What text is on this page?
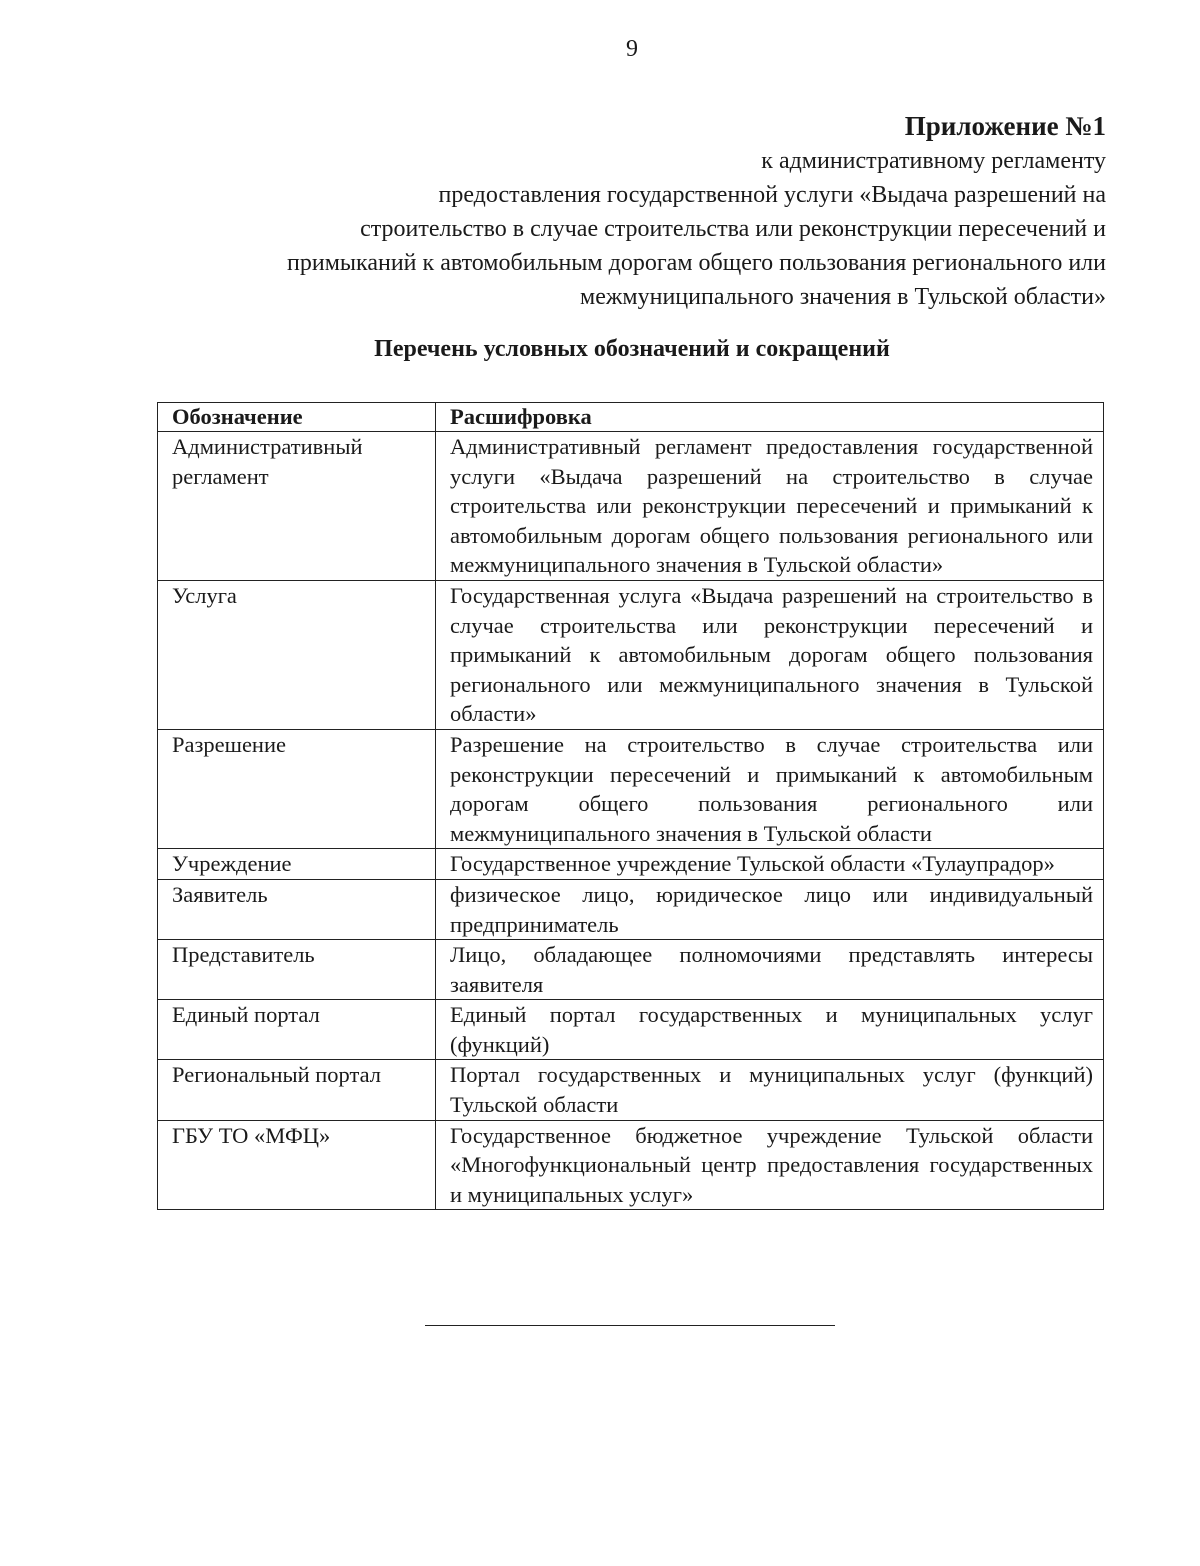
9
Приложение №1
к административному регламенту
предоставления государственной услуги «Выдача разрешений на
строительство в случае строительства или реконструкции пересечений и
примыканий к автомобильным дорогам общего пользования регионального или
межмуниципального значения в Тульской области»
Перечень условных обозначений и сокращений
Обозначение	Расшифровка
Административный регламент	Административный регламент предоставления государственной услуги «Выдача разрешений на строительство в случае строительства или реконструкции пересечений и примыканий к автомобильным дорогам общего пользования регионального или межмуниципального значения в Тульской области»
Услуга	Государственная услуга «Выдача разрешений на строительство в случае строительства или реконструкции пересечений и примыканий к автомобильным дорогам общего пользования регионального или межмуниципального значения в Тульской области»
Разрешение	Разрешение на строительство в случае строительства или реконструкции пересечений и примыканий к автомобильным дорогам общего пользования регионального или межмуниципального значения в Тульской области
Учреждение	Государственное учреждение Тульской области «Тулаупрадор»
Заявитель	физическое лицо, юридическое лицо или индивидуальный предприниматель
Представитель	Лицо, обладающее полномочиями представлять интересы заявителя
Единый портал	Единый портал государственных и муниципальных услуг (функций)
Региональный портал	Портал государственных и муниципальных услуг (функций) Тульской области
ГБУ ТО «МФЦ»	Государственное бюджетное учреждение Тульской области «Многофункциональный центр предоставления государственных и муниципальных услуг»
